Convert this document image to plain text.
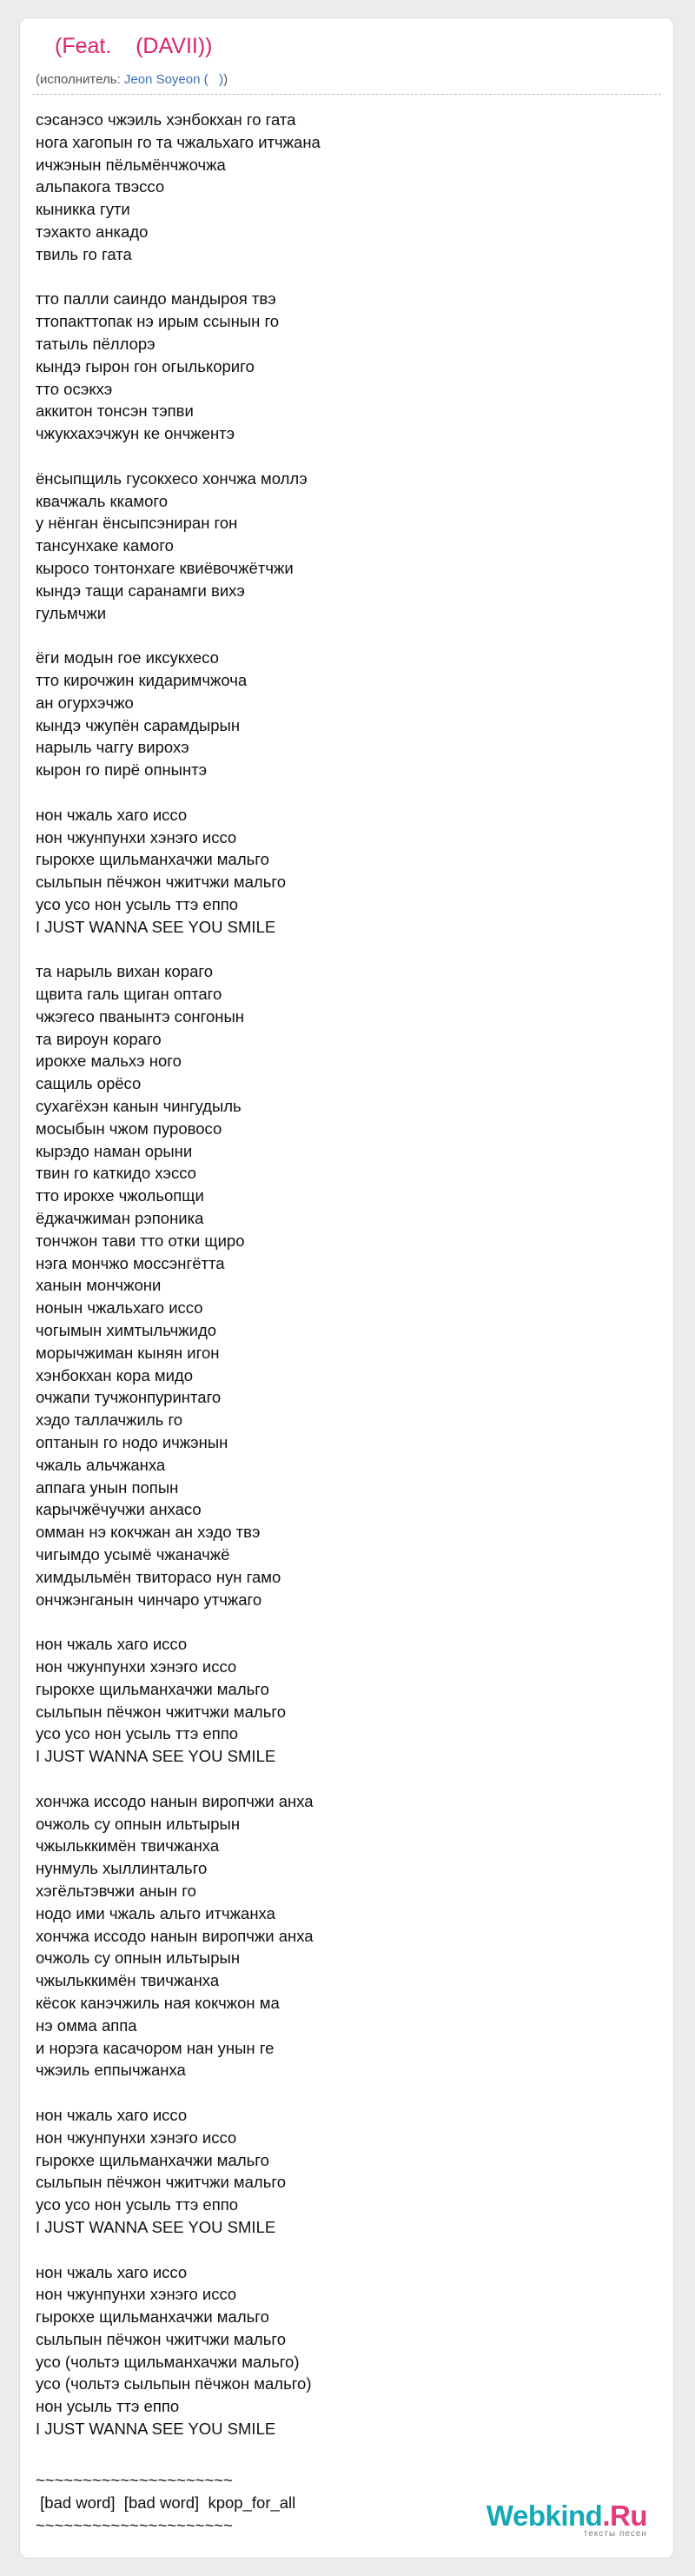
(Feat.    (DAVII))
(исполнитель: Jeon Soyeon (   ))
сэсанэсо чжэиль хэнбокхан го гата
нога хагопын го та чжальхаго итчжана
ичжэнын пёльмёнчжочжа
альпакога твэссо
кыникка гути
тэхакто анкадо
твиль го гата
тто палли саиндо мандыроя твэ
ттопакттопак нэ ирым ссынын го
татыль пёллорэ
кындэ гырон гон огылькориго
тто осэкхэ
аккитон тонсэн тэпви
чжукхахэчжун ке ончжентэ
ёнсыпщиль гусокхесо хончжа моллэ
квачжаль ккамого
у нёнган ёнсыпсэниран гон
тансунхаке камого
кыросо тонтонхаге квиёвочжётчжи
кындэ тащи саранамги вихэ
гульмчжи
ёги модын гое иксукхесо
тто кирочжин кидаримчжоча
ан огурхэчжо
кындэ чжупён сарамдырын
нарыль чаггу вирохэ
кырон го пирё опнынтэ
нон чжаль хаго иссо
нон чжунпунхи хэнэго иссо
гырокхе щильманхачжи мальго
сыльпын пёчжон чжитчжи мальго
усо усо нон усыль ттэ еппо
I JUST WANNA SEE YOU SMILE
та нарыль вихан кораго
щвита галь щиган оптаго
чжэгесо пванынтэ сонгонын
та вироун кораго
ирокхе мальхэ ного
сащиль орёсо
сухагёхэн канын чингудыль
мосыбын чжом пуровосо
кырэдо наман орыни
твин го каткидо хэссо
тто ирокхе чжольопщи
ёджачжиман рэпоника
тончжон тави тто отки щиро
нэга мончжо моссэнгётта
ханын мончжони
нонын чжальхаго иссо
чогымын химтыльчжидо
морычжиман кынян игон
хэнбокхан кора мидо
очжапи тучжонпуринтаго
хэдо таллачжиль го
оптанын го нодо ичжэнын
чжаль альчжанха
аппага унын попын
карычжёчучжи анхасо
омман нэ кокчжан ан хэдо твэ
чигымдо усымё чжаначжё
химдыльмён твиторасо нун гамо
ончжэнганын чинчаро утчжаго
нон чжаль хаго иссо
нон чжунпунхи хэнэго иссо
гырокхе щильманхачжи мальго
сыльпын пёчжон чжитчжи мальго
усо усо нон усыль ттэ еппо
I JUST WANNA SEE YOU SMILE
хончжа иссодо нанын виропчжи анха
очжоль су опнын ильтырын
чжыльккимён твичжанха
нунмуль хыллинтальго
хэгёльтэвчжи анын го
нодо ими чжаль альго итчжанха
хончжа иссодо нанын виропчжи анха
очжоль су опнын ильтырын
чжыльккимён твичжанха
кёсок канэчжиль ная кокчжон ма
нэ омма аппа
и норэга касачором нан унын ге
чжэиль еппычжанха
нон чжаль хаго иссо
нон чжунпунхи хэнэго иссо
гырокхе щильманхачжи мальго
сыльпын пёчжон чжитчжи мальго
усо усо нон усыль ттэ еппо
I JUST WANNA SEE YOU SMILE
нон чжаль хаго иссо
нон чжунпунхи хэнэго иссо
гырокхе щильманхачжи мальго
сыльпын пёчжон чжитчжи мальго
усо (чольтэ щильманхачжи мальго)
усо (чольтэ сыльпын пёчжон мальго)
нон усыль ттэ еппо
I JUST WANNA SEE YOU SMILE
~~~~~~~~~~~~~~~~~~~~~
[bad word]  [bad word]  kpop_for_all
~~~~~~~~~~~~~~~~~~~~~	Webkind.Ru
тексты песен
